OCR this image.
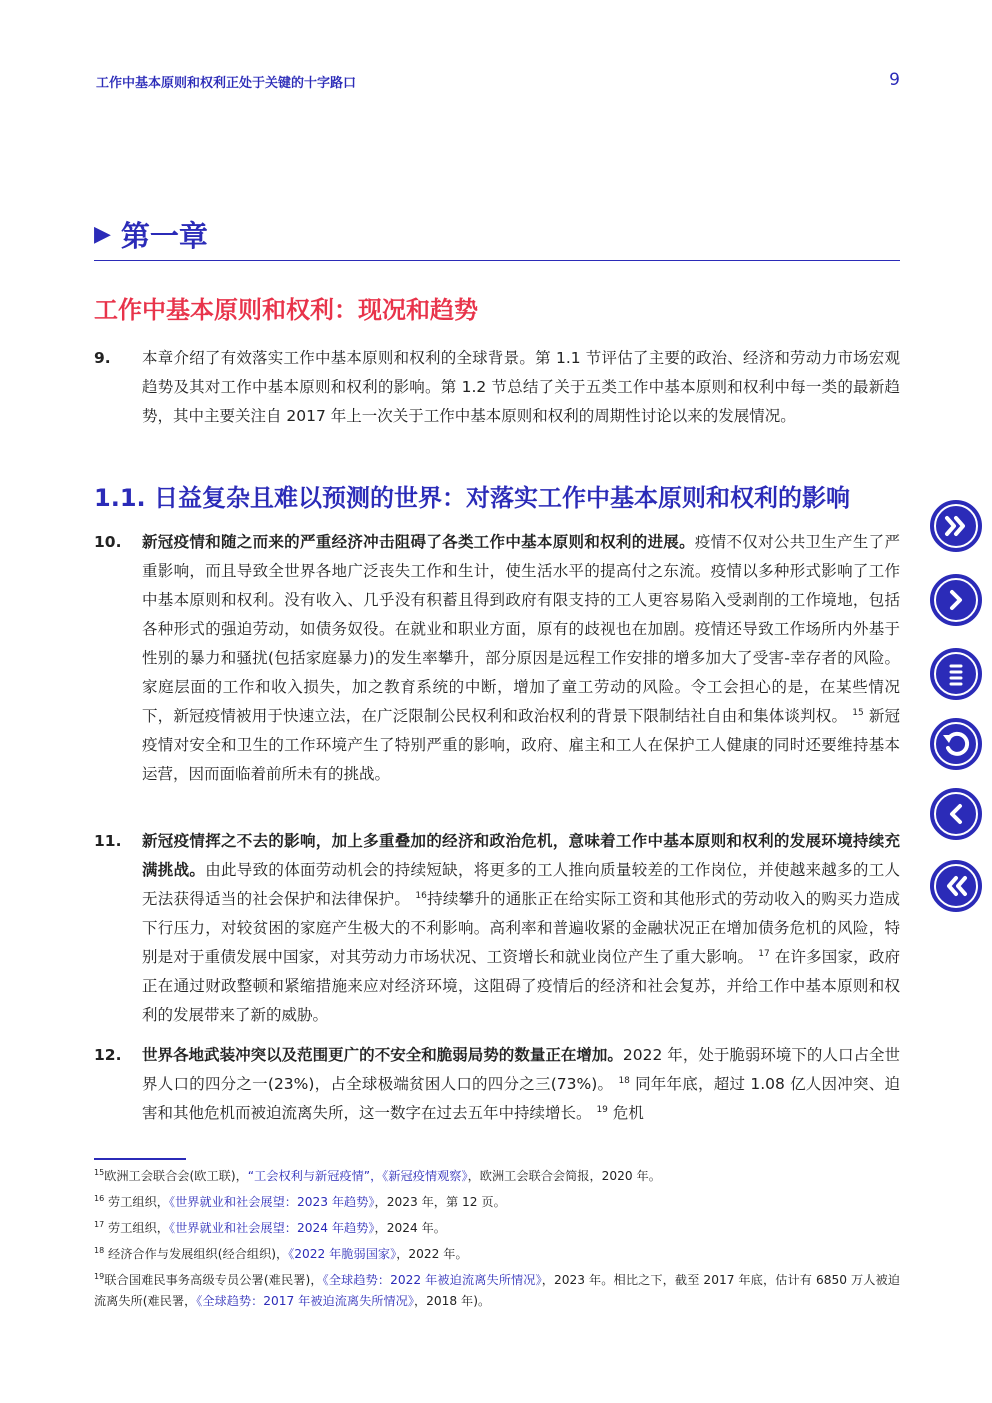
工作中基本原则和权利正处于关键的十字路口	9
▶ 第一章
工作中基本原则和权利：现况和趋势
9. 本章介绍了有效落实工作中基本原则和权利的全球背景。第 1.1 节评估了主要的政治、经济和劳动力市场宏观趋势及其对工作中基本原则和权利的影响。第 1.2 节总结了关于五类工作中基本原则和权利中每一类的最新趋势，其中主要关注自 2017 年上一次关于工作中基本原则和权利的周期性讨论以来的发展情况。
1.1. 日益复杂且难以预测的世界：对落实工作中基本原则和权利的影响
10. 新冠疫情和随之而来的严重经济冲击阻碍了各类工作中基本原则和权利的进展。疫情不仅对公共卫生产生了严重影响，而且导致全世界各地广泛丧失工作和生计，使生活水平的提高付之东流。疫情以多种形式影响了工作中基本原则和权利。没有收入、几乎没有积蓄且得到政府有限支持的工人更容易陷入受剥削的工作境地，包括各种形式的强迫劳动，如债务奴役。在就业和职业方面，原有的歧视也在加剧。疫情还导致工作场所内外基于性别的暴力和骚扰(包括家庭暴力)的发生率攀升，部分原因是远程工作安排的增多加大了受害-幸存者的风险。家庭层面的工作和收入损失，加之教育系统的中断，增加了童工劳动的风险。令工会担心的是，在某些情况下，新冠疫情被用于快速立法，在广泛限制公民权利和政治权利的背景下限制结社自由和集体谈判权。 $^{15}$ 新冠疫情对安全和卫生的工作环境产生了特别严重的影响，政府、雇主和工人在保护工人健康的同时还要维持基本运营，因而面临着前所未有的挑战。
11. 新冠疫情挥之不去的影响，加上多重叠加的经济和政治危机，意味着工作中基本原则和权利的发展环境持续充满挑战。由此导致的体面劳动机会的持续短缺，将更多的工人推向质量较差的工作岗位，并使越来越多的工人无法获得适当的社会保护和法律保护。 $^{16}$持续攀升的通胀正在给实际工资和其他形式的劳动收入的购买力造成下行压力，对较贫困的家庭产生极大的不利影响。高利率和普遍收紧的金融状况正在增加债务危机的风险，特别是对于重债发展中国家，对其劳动力市场状况、工资增长和就业岗位产生了重大影响。 $^{17}$ 在许多国家，政府正在通过财政整顿和紧缩措施来应对经济环境，这阻碍了疫情后的经济和社会复苏，并给工作中基本原则和权利的发展带来了新的威胁。
12. 世界各地武装冲突以及范围更广的不安全和脆弱局势的数量正在增加。2022 年，处于脆弱环境下的人口占全世界人口的四分之一(23%)，占全球极端贫困人口的四分之三(73%)。 $^{18}$ 同年年底，超过 1.08 亿人因冲突、迫害和其他危机而被迫流离失所，这一数字在过去五年中持续增长。 $^{19}$ 危机
$^{15}$欧洲工会联合会(欧工联)，“工会权利与新冠疫情”，《新冠疫情观察》，欧洲工会联合会简报，2020 年。
$^{16}$ 劳工组织，《世界就业和社会展望：2023 年趋势》，2023 年，第 12 页。
$^{17}$ 劳工组织，《世界就业和社会展望：2024 年趋势》，2024 年。
$^{18}$ 经济合作与发展组织(经合组织)，《2022 年脆弱国家》，2022 年。
$^{19}$联合国难民事务高级专员公署(难民署)，《全球趋势：2022 年被迫流离失所情况》，2023 年。相比之下，截至 2017 年底，估计有 6850 万人被迫流离失所(难民署，《全球趋势：2017 年被迫流离失所情况》，2018 年)。
